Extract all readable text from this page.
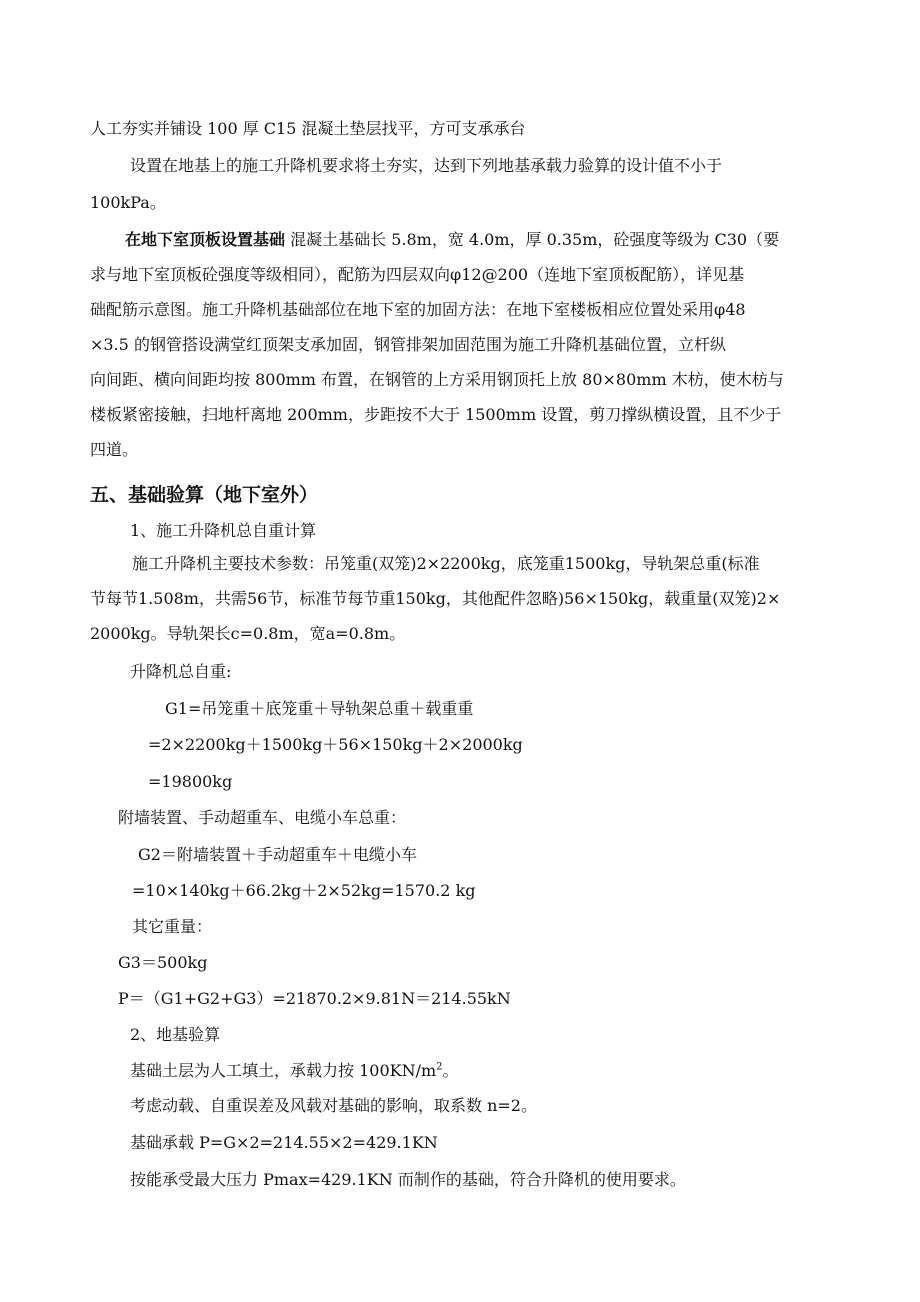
人工夯实并铺设 100 厚 C15 混凝土垫层找平，方可支承承台
设置在地基上的施工升降机要求将土夯实，达到下列地基承载力验算的设计值不小于
100kPa。
在地下室顶板设置基础 混凝土基础长 5.8m，宽 4.0m，厚 0.35m，砼强度等级为 C30（要
求与地下室顶板砼强度等级相同），配筋为四层双向φ12@200（连地下室顶板配筋），详见基
础配筋示意图。施工升降机基础部位在地下室的加固方法：在地下室楼板相应位置处采用φ48
×3.5 的钢管搭设满堂红顶架支承加固，钢管排架加固范围为施工升降机基础位置，立杆纵
向间距、横向间距均按 800mm 布置，在钢管的上方采用钢顶托上放 80×80mm 木枋，使木枋与
楼板紧密接触，扫地杆离地 200mm，步距按不大于 1500mm 设置，剪刀撑纵横设置，且不少于
四道。
五、基础验算（地下室外）
1、施工升降机总自重计算
施工升降机主要技术参数：吊笼重(双笼)2×2200kg，底笼重1500kg，导轨架总重(标准
节每节1.508m，共需56节，标准节每节重150kg，其他配件忽略)56×150kg，载重量(双笼)2×
2000kg。导轨架长c=0.8m，宽a=0.8m。
升降机总自重:
G1=吊笼重＋底笼重＋导轨架总重＋载重重
=2×2200kg＋1500kg＋56×150kg＋2×2000kg
=19800kg
附墙装置、手动超重车、电缆小车总重：
G2＝附墙装置＋手动超重车＋电缆小车
=10×140kg＋66.2kg＋2×52kg=1570.2 kg
其它重量：
G3＝500kg
P＝（G1+G2+G3）=21870.2×9.81N＝214.55kN
2、地基验算
基础土层为人工填土，承载力按 $100KN/m^2$。
考虑动载、自重误差及风载对基础的影响，取系数 n=2。
基础承载 P=G×2=214.55×2=429.1KN
按能承受最大压力 Pmax=429.1KN 而制作的基础，符合升降机的使用要求。
